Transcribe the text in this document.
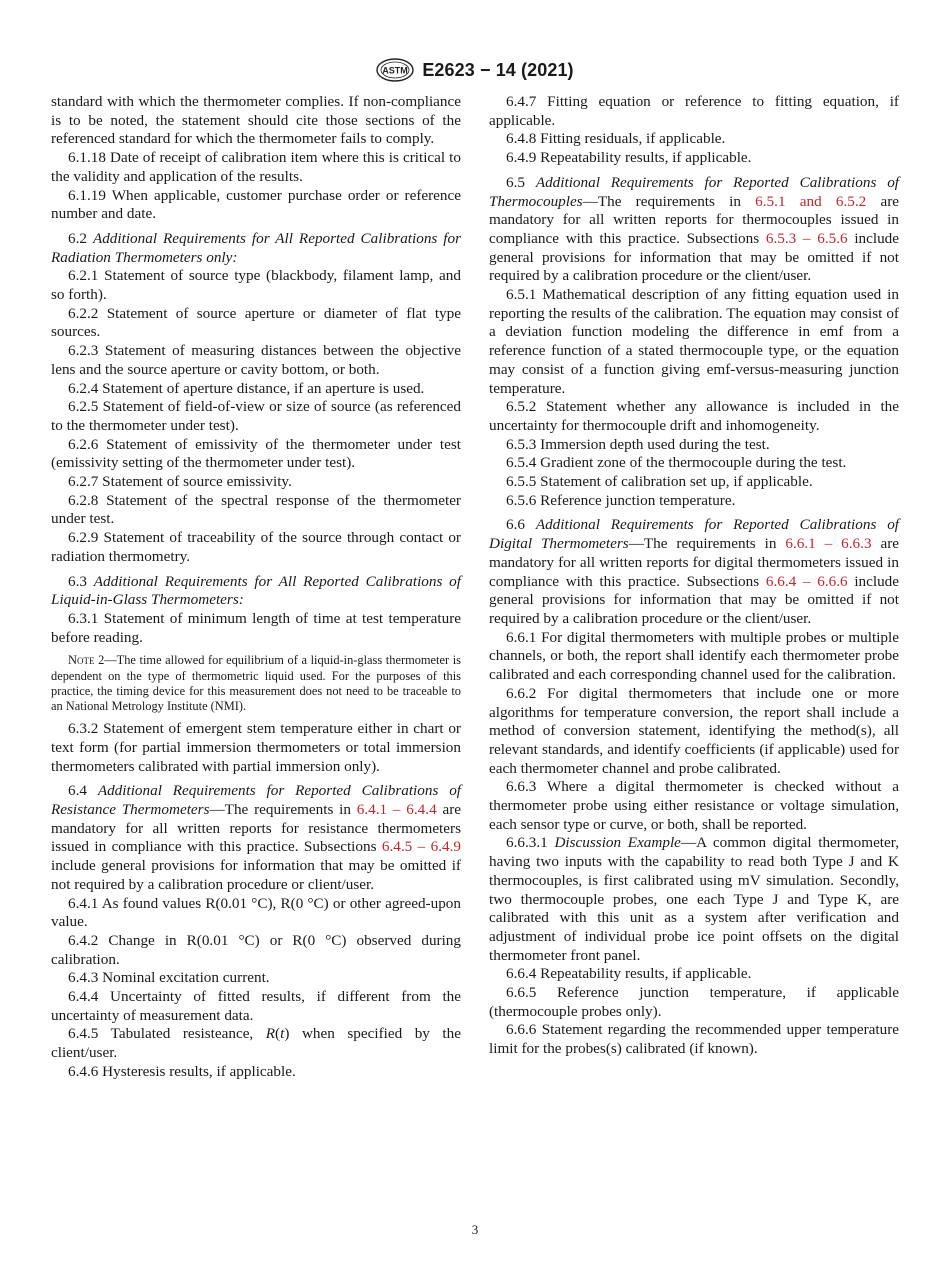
ASTM E2623 − 14 (2021)

standard with which the thermometer complies. If non-compliance is to be noted, the statement should cite those sections of the referenced standard for which the thermometer fails to comply.

6.1.18 Date of receipt of calibration item where this is critical to the validity and application of the results.

6.1.19 When applicable, customer purchase order or reference number and date.

6.2 Additional Requirements for All Reported Calibrations for Radiation Thermometers only:

6.2.1 Statement of source type (blackbody, filament lamp, and so forth).

6.2.2 Statement of source aperture or diameter of flat type sources.

6.2.3 Statement of measuring distances between the objective lens and the source aperture or cavity bottom, or both.

6.2.4 Statement of aperture distance, if an aperture is used.

6.2.5 Statement of field-of-view or size of source (as referenced to the thermometer under test).

6.2.6 Statement of emissivity of the thermometer under test (emissivity setting of the thermometer under test).

6.2.7 Statement of source emissivity.

6.2.8 Statement of the spectral response of the thermometer under test.

6.2.9 Statement of traceability of the source through contact or radiation thermometry.

6.3 Additional Requirements for All Reported Calibrations of Liquid-in-Glass Thermometers:

6.3.1 Statement of minimum length of time at test temperature before reading.

Note 2—The time allowed for equilibrium of a liquid-in-glass thermometer is dependent on the type of thermometric liquid used. For the purposes of this practice, the timing device for this measurement does not need to be traceable to an National Metrology Institute (NMI).

6.3.2 Statement of emergent stem temperature either in chart or text form (for partial immersion thermometers or total immersion thermometers calibrated with partial immersion only).

6.4 Additional Requirements for Reported Calibrations of Resistance Thermometers—The requirements in 6.4.1 – 6.4.4 are mandatory for all written reports for resistance thermometers issued in compliance with this practice. Subsections 6.4.5 – 6.4.9 include general provisions for information that may be omitted if not required by a calibration procedure or client/user.

6.4.1 As found values R(0.01 °C), R(0 °C) or other agreed-upon value.

6.4.2 Change in R(0.01 °C) or R(0 °C) observed during calibration.

6.4.3 Nominal excitation current.

6.4.4 Uncertainty of fitted results, if different from the uncertainty of measurement data.

6.4.5 Tabulated resisteance, R(t) when specified by the client/user.

6.4.6 Hysteresis results, if applicable.

6.4.7 Fitting equation or reference to fitting equation, if applicable.

6.4.8 Fitting residuals, if applicable.

6.4.9 Repeatability results, if applicable.

6.5 Additional Requirements for Reported Calibrations of Thermocouples—The requirements in 6.5.1 and 6.5.2 are mandatory for all written reports for thermocouples issued in compliance with this practice. Subsections 6.5.3 – 6.5.6 include general provisions for information that may be omitted if not required by a calibration procedure or the client/user.

6.5.1 Mathematical description of any fitting equation used in reporting the results of the calibration. The equation may consist of a deviation function modeling the difference in emf from a reference function of a stated thermocouple type, or the equation may consist of a function giving emf-versus-measuring junction temperature.

6.5.2 Statement whether any allowance is included in the uncertainty for thermocouple drift and inhomogeneity.

6.5.3 Immersion depth used during the test.

6.5.4 Gradient zone of the thermocouple during the test.

6.5.5 Statement of calibration set up, if applicable.

6.5.6 Reference junction temperature.

6.6 Additional Requirements for Reported Calibrations of Digital Thermometers—The requirements in 6.6.1 – 6.6.3 are mandatory for all written reports for digital thermometers issued in compliance with this practice. Subsections 6.6.4 – 6.6.6 include general provisions for information that may be omitted if not required by a calibration procedure or the client/user.

6.6.1 For digital thermometers with multiple probes or multiple channels, or both, the report shall identify each thermometer probe calibrated and each corresponding channel used for the calibration.

6.6.2 For digital thermometers that include one or more algorithms for temperature conversion, the report shall include a method of conversion statement, identifying the method(s), all relevant standards, and identify coefficients (if applicable) used for each thermometer channel and probe calibrated.

6.6.3 Where a digital thermometer is checked without a thermometer probe using either resistance or voltage simulation, each sensor type or curve, or both, shall be reported.

6.6.3.1 Discussion Example—A common digital thermometer, having two inputs with the capability to read both Type J and K thermocouples, is first calibrated using mV simulation. Secondly, two thermocouple probes, one each Type J and Type K, are calibrated with this unit as a system after verification and adjustment of individual probe ice point offsets on the digital thermometer front panel.

6.6.4 Repeatability results, if applicable.

6.6.5 Reference junction temperature, if applicable (thermocouple probes only).

6.6.6 Statement regarding the recommended upper temperature limit for the probes(s) calibrated (if known).

3
